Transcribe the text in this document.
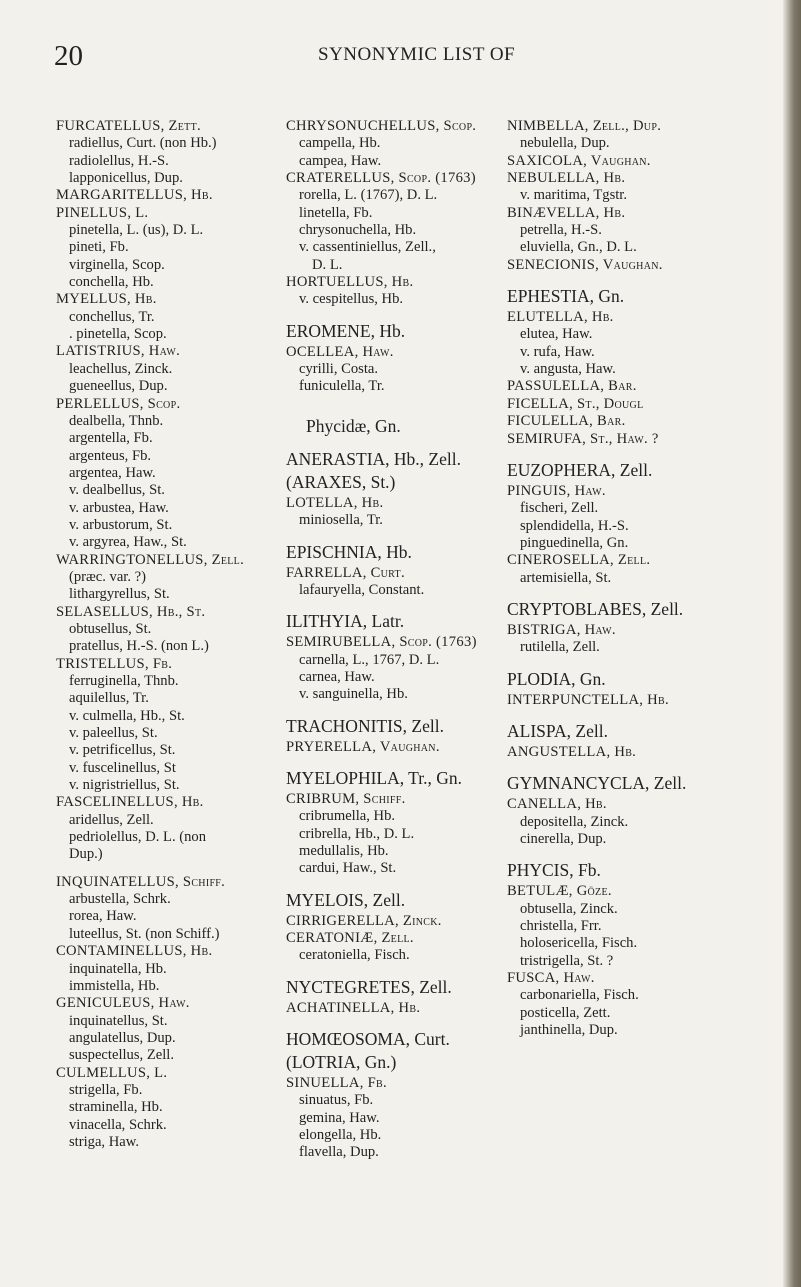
20	SYNONYMIC LIST OF
FURCATELLUS, Zett.
radiellus, Curt. (non Hb.)
radiolellus, H.-S.
lapponicellus, Dup.
MARGARITELLUS, Hb.
PINELLUS, L.
pinetella, L. (us), D. L.
pineti, Fb.
virginella, Scop.
conchella, Hb.
MYELLUS, Hb.
conchellus, Tr.
. pinetella, Scop.
LATISTRIUS, Haw.
leachellus, Zinck.
gueneellus, Dup.
PERLELLUS, Scop.
dealbella, Thnb.
argentella, Fb.
argenteus, Fb.
argentea, Haw.
v. dealbellus, St.
v. arbustea, Haw.
v. arbustorum, St.
v. argyrea, Haw., St.
WARRINGTONELLUS, Zell.
(præc. var. ?)
lithargyrellus, St.
SELASELLUS, Hb., St.
obtusellus, St.
pratellus, H.-S. (non L.)
TRISTELLUS, Fb.
ferruginella, Thnb.
aquilellus, Tr.
v. culmella, Hb., St.
v. paleellus, St.
v. petrificellus, St.
v. fuscelinellus, St
v. nigristriellus, St.
FASCELINELLUS, Hb.
aridellus, Zell.
pedriolellus, D. L. (non
Dup.)
INQUINATELLUS, Schiff.
arbustella, Schrk.
rorea, Haw.
luteellus, St. (non Schiff.)
CONTAMINELLUS, Hb.
inquinatella, Hb.
immistella, Hb.
GENICULEUS, Haw.
inquinatellus, St.
angulatellus, Dup.
suspectellus, Zell.
CULMELLUS, L.
strigella, Fb.
straminella, Hb.
vinacella, Schrk.
striga, Haw.
CHRYSONUCHELLUS, Scop.
campella, Hb.
campea, Haw.
CRATERELLUS, Scop. (1763)
rorella, L. (1767), D. L.
linetella, Fb.
chrysonuchella, Hb.
v. cassentiniellus, Zell.,
D. L.
HORTUELLUS, Hb.
v. cespitellus, Hb.
EROMENE, Hb.
OCELLEA, Haw.
cyrilli, Costa.
funiculella, Tr.
Phycidæ, Gn.
ANERASTIA, Hb., Zell.
(ARAXES, St.)
LOTELLA, Hb.
miniosella, Tr.
EPISCHNIA, Hb.
FARRELLA, Curt.
lafauryella, Constant.
ILITHYIA, Latr.
SEMIRUBELLA, Scop. (1763)
carnella, L., 1767, D. L.
carnea, Haw.
v. sanguinella, Hb.
TRACHONITIS, Zell.
PRYERELLA, Vaughan.
MYELOPHILA, Tr., Gn.
CRIBRUM, Schiff.
cribrumella, Hb.
cribrella, Hb., D. L.
medullalis, Hb.
cardui, Haw., St.
MYELOIS, Zell.
CIRRIGERELLA, Zinck.
CERATONIÆ, Zell.
ceratoniella, Fisch.
NYCTEGRETES, Zell.
ACHATINELLA, Hb.
HOMŒOSOMA, Curt.
(LOTRIA, Gn.)
SINUELLA, Fb.
sinuatus, Fb.
gemina, Haw.
elongella, Hb.
flavella, Dup.
NIMBELLA, Zell., Dup.
nebulella, Dup.
SAXICOLA, Vaughan.
NEBULELLA, Hb.
v. maritima, Tgstr.
BINÆVELLA, Hb.
petrella, H.-S.
eluviella, Gn., D. L.
SENECIONIS, Vaughan.
EPHESTIA, Gn.
ELUTELLA, Hb.
elutea, Haw.
v. rufa, Haw.
v. angusta, Haw.
PASSULELLA, Bar.
FICELLA, St., Dougl
FICULELLA, Bar.
SEMIRUFA, St., Haw. ?
EUZOPHERA, Zell.
PINGUIS, Haw.
fischeri, Zell.
splendidella, H.-S.
pinguedinella, Gn.
CINEROSELLA, Zell.
artemisiella, St.
CRYPTOBLABES, Zell.
BISTRIGA, Haw.
rutilella, Zell.
PLODIA, Gn.
INTERPUNCTELLA, Hb.
ALISPA, Zell.
ANGUSTELLA, Hb.
GYMNANCYCLA, Zell.
CANELLA, Hb.
depositella, Zinck.
cinerella, Dup.
PHYCIS, Fb.
BETULÆ, Göze.
obtusella, Zinck.
christella, Frr.
holosericella, Fisch.
tristrigella, St. ?
FUSCA, Haw.
carbonariella, Fisch.
posticella, Zett.
janthinella, Dup.
